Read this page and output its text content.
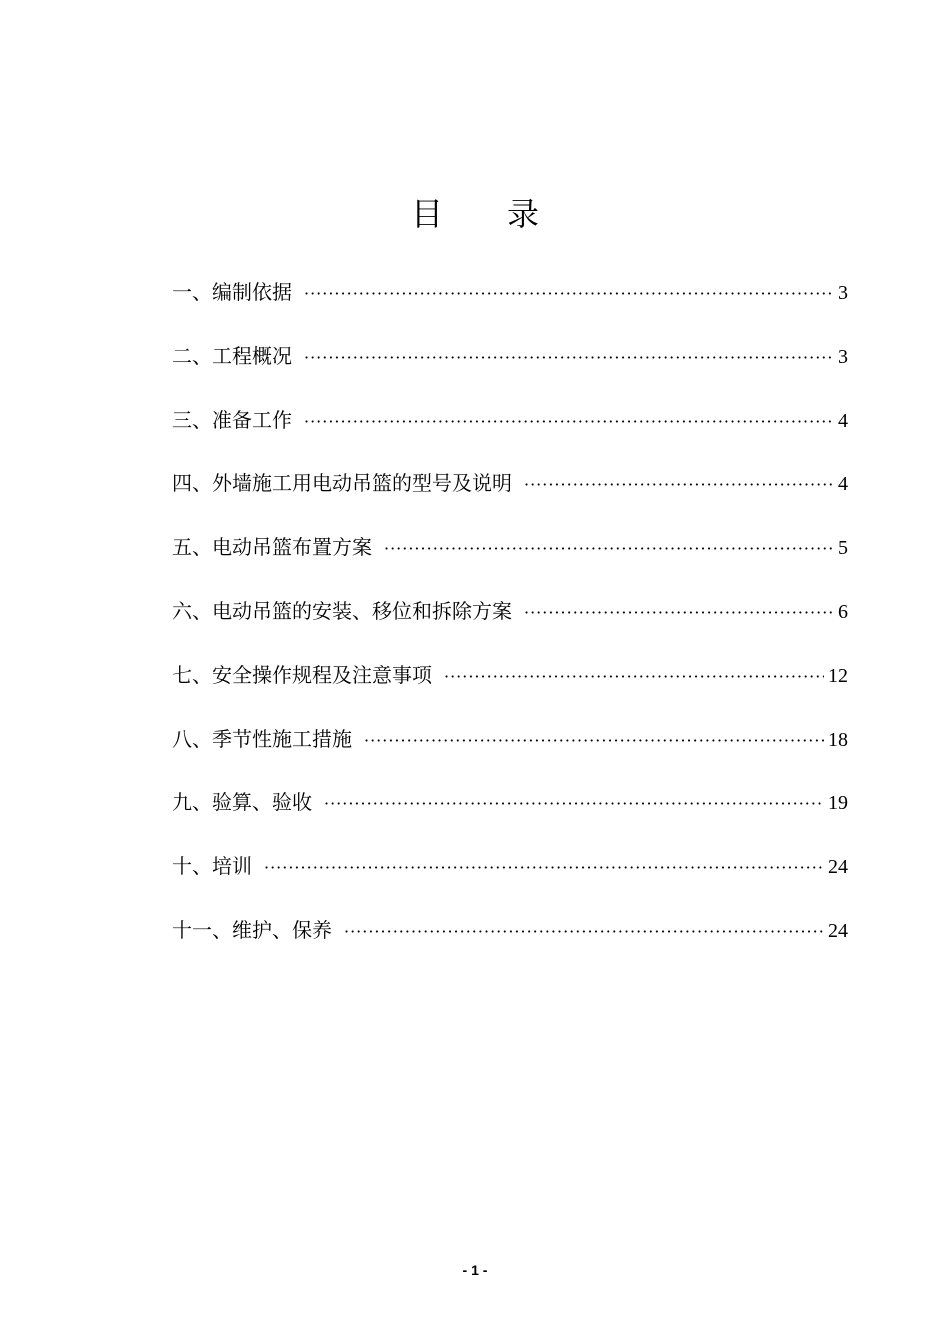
目录
一、编制依据 ·····	3
二、工程概况 ·····	3
三、准备工作 ·····	4
四、外墙施工用电动吊篮的型号及说明 ·····	4
五、电动吊篮布置方案 ·····	5
六、电动吊篮的安装、移位和拆除方案 ·····	6
七、安全操作规程及注意事项 ·····	12
八、季节性施工措施 ·····	18
九、验算、验收 ·····	19
十、培训 ·····	24
十一、维护、保养 ·····	24
- 1 -
